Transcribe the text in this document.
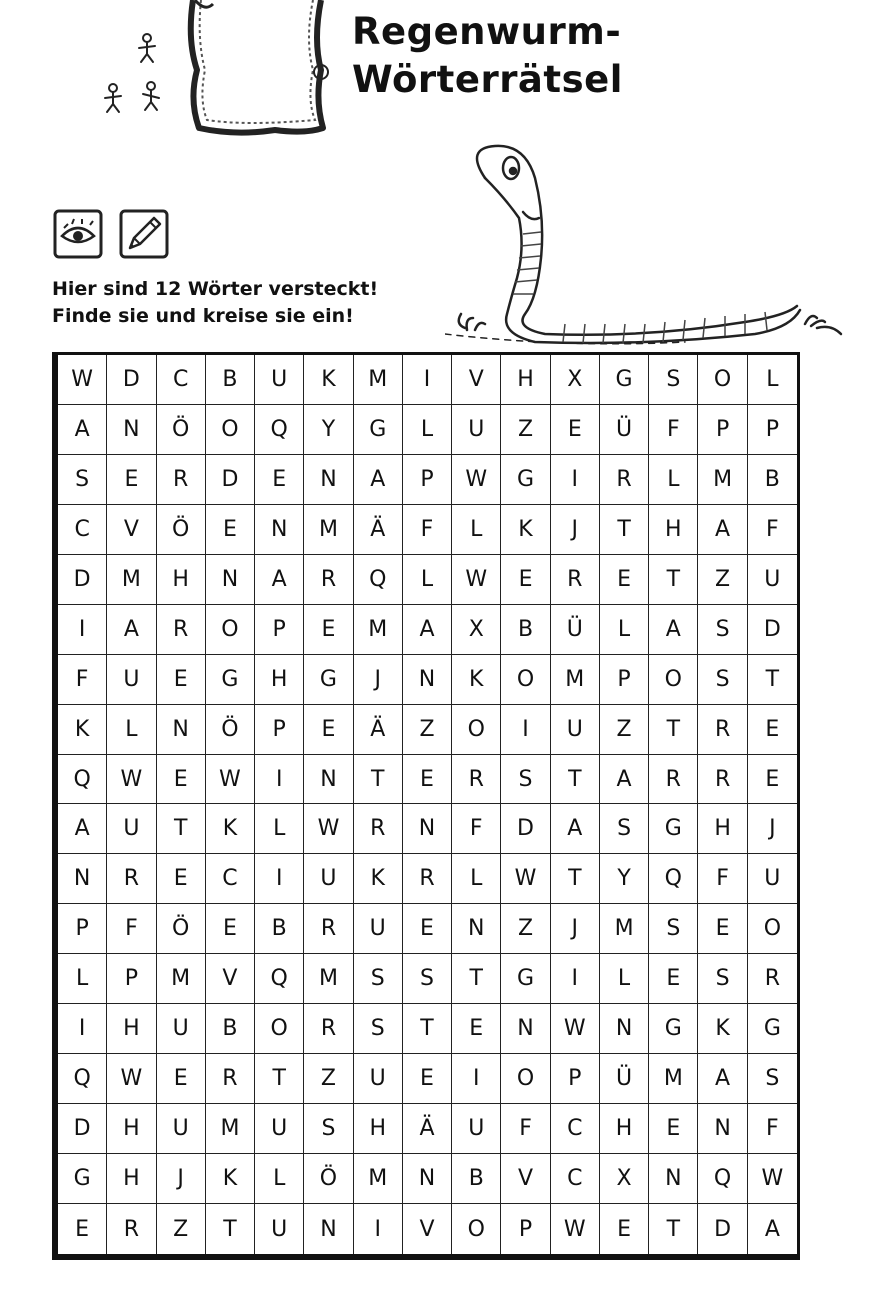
Regenwurm-
Wörterrätsel
Hier sind 12 Wörter versteckt!
Finde sie und kreise sie ein!
W	D	C	B	U	K	M	I	V	H	X	G	S	O	L
A	N	Ö	O	Q	Y	G	L	U	Z	E	Ü	F	P	P
S	E	R	D	E	N	A	P	W	G	I	R	L	M	B
C	V	Ö	E	N	M	Ä	F	L	K	J	T	H	A	F
D	M	H	N	A	R	Q	L	W	E	R	E	T	Z	U
I	A	R	O	P	E	M	A	X	B	Ü	L	A	S	D
F	U	E	G	H	G	J	N	K	O	M	P	O	S	T
K	L	N	Ö	P	E	Ä	Z	O	I	U	Z	T	R	E
Q	W	E	W	I	N	T	E	R	S	T	A	R	R	E
A	U	T	K	L	W	R	N	F	D	A	S	G	H	J
N	R	E	C	I	U	K	R	L	W	T	Y	Q	F	U
P	F	Ö	E	B	R	U	E	N	Z	J	M	S	E	O
L	P	M	V	Q	M	S	S	T	G	I	L	E	S	R
I	H	U	B	O	R	S	T	E	N	W	N	G	K	G
Q	W	E	R	T	Z	U	E	I	O	P	Ü	M	A	S
D	H	U	M	U	S	H	Ä	U	F	C	H	E	N	F
G	H	J	K	L	Ö	M	N	B	V	C	X	N	Q	W
E	R	Z	T	U	N	I	V	O	P	W	E	T	D	A
